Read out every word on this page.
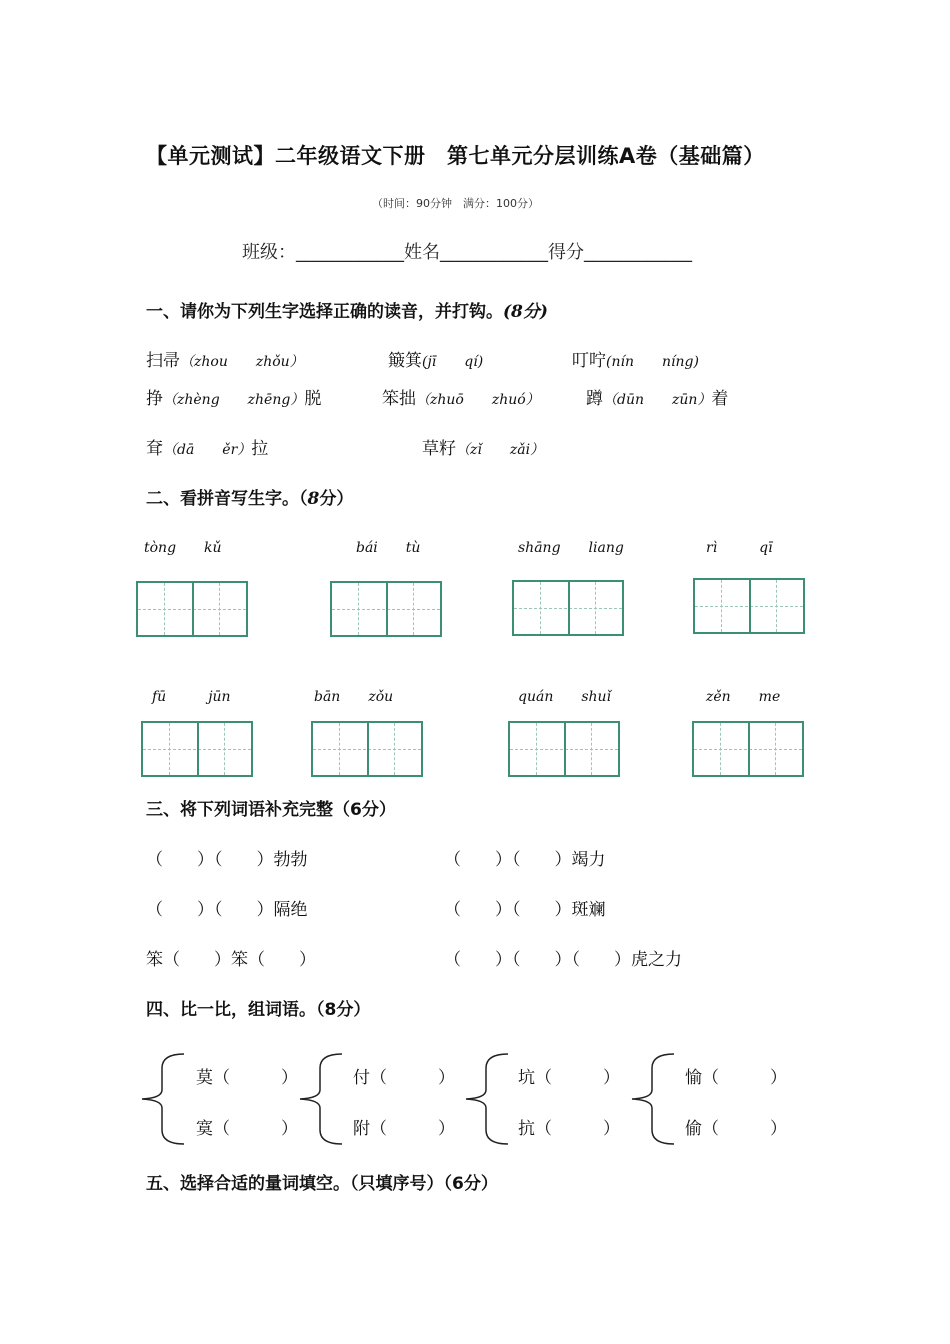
【单元测试】二年级语文下册　第七单元分层训练A卷（基础篇）
（时间：90分钟　满分：100分）
班级：____________姓名____________得分____________
一、请你为下列生字选择正确的读音，并打钩。(8分)
扫帚（zhou　　zhǒu）	簸箕(jī　　qí)	叮咛(nín　　níng)
挣（zhèng　　zhēng）脱	笨拙（zhuō　　zhuó）	蹲（dūn　　zūn）着
耷（dā　　ěr）拉	草籽（zǐ　　zǎi）
二、看拼音写生字。（8分）
tòng　　kǔ	bái　　tù	shāng　　liang	rì　　　qī
fū　　　jūn	bān　　zǒu	quán　　shuǐ	zěn　　me
三、将下列词语补充完整（6分）
（　　）（　　）勃勃	（　　）（　　）竭力
（　　）（　　）隔绝	（　　）（　　）斑斓
笨（　　）笨（　　）	（　　）（　　）（　　）虎之力
四、比一比，组词语。（8分）
莫（　　　）
寞（　　　）
付（　　　）
附（　　　）
坑（　　　）
抗（　　　）
愉（　　　）
偷（　　　）
五、选择合适的量词填空。（只填序号）（6分）
